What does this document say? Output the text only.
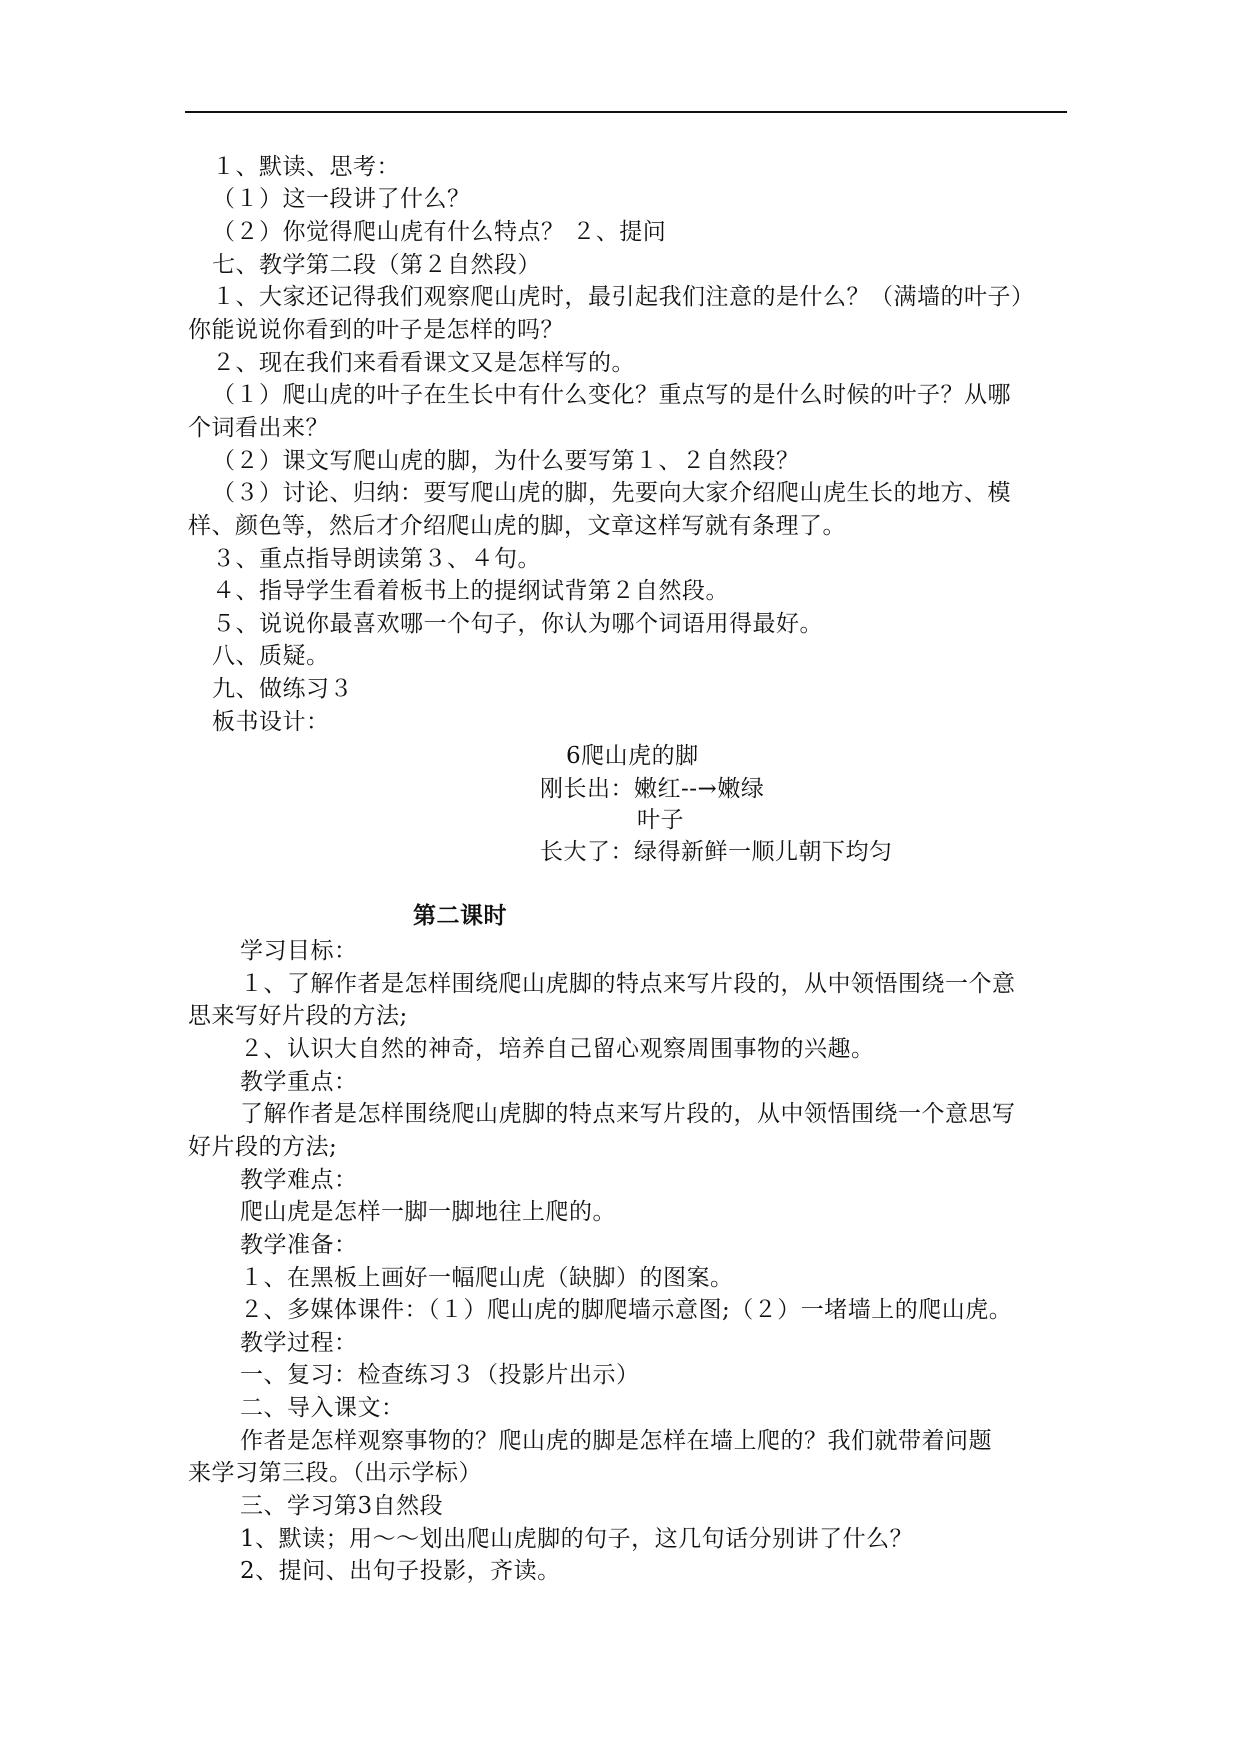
１、默读、思考：
（１）这一段讲了什么？
（２）你觉得爬山虎有什么特点？ ２、提问
七、教学第二段（第２自然段）
１、大家还记得我们观察爬山虎时，最引起我们注意的是什么？（满墙的叶子）
你能说说你看到的叶子是怎样的吗？
２、现在我们来看看课文又是怎样写的。
（１）爬山虎的叶子在生长中有什么变化？重点写的是什么时候的叶子？从哪
个词看出来？
（２）课文写爬山虎的脚，为什么要写第１、２自然段？
（３）讨论、归纳：要写爬山虎的脚，先要向大家介绍爬山虎生长的地方、模
样、颜色等，然后才介绍爬山虎的脚，文章这样写就有条理了。
３、重点指导朗读第３、４句。
４、指导学生看着板书上的提纲试背第２自然段。
５、说说你最喜欢哪一个句子，你认为哪个词语用得最好。
八、质疑。
九、做练习３
板书设计：
6爬山虎的脚
刚长出：嫩红--→嫩绿
叶子
长大了：绿得新鲜一顺儿朝下均匀
第二课时
学习目标：
１、了解作者是怎样围绕爬山虎脚的特点来写片段的，从中领悟围绕一个意
思来写好片段的方法;
２、认识大自然的神奇，培养自己留心观察周围事物的兴趣。
教学重点：
了解作者是怎样围绕爬山虎脚的特点来写片段的，从中领悟围绕一个意思写
好片段的方法;
教学难点：
爬山虎是怎样一脚一脚地往上爬的。
教学准备：
１、在黑板上画好一幅爬山虎（缺脚）的图案。
２、多媒体课件：（１）爬山虎的脚爬墙示意图;（２）一堵墙上的爬山虎。
教学过程：
一、复习：检查练习３（投影片出示）
二、导入课文：
作者是怎样观察事物的？爬山虎的脚是怎样在墙上爬的？我们就带着问题
来学习第三段。（出示学标）
三、学习第3自然段
1、默读；用～～划出爬山虎脚的句子，这几句话分别讲了什么？
2、提问、出句子投影，齐读。
